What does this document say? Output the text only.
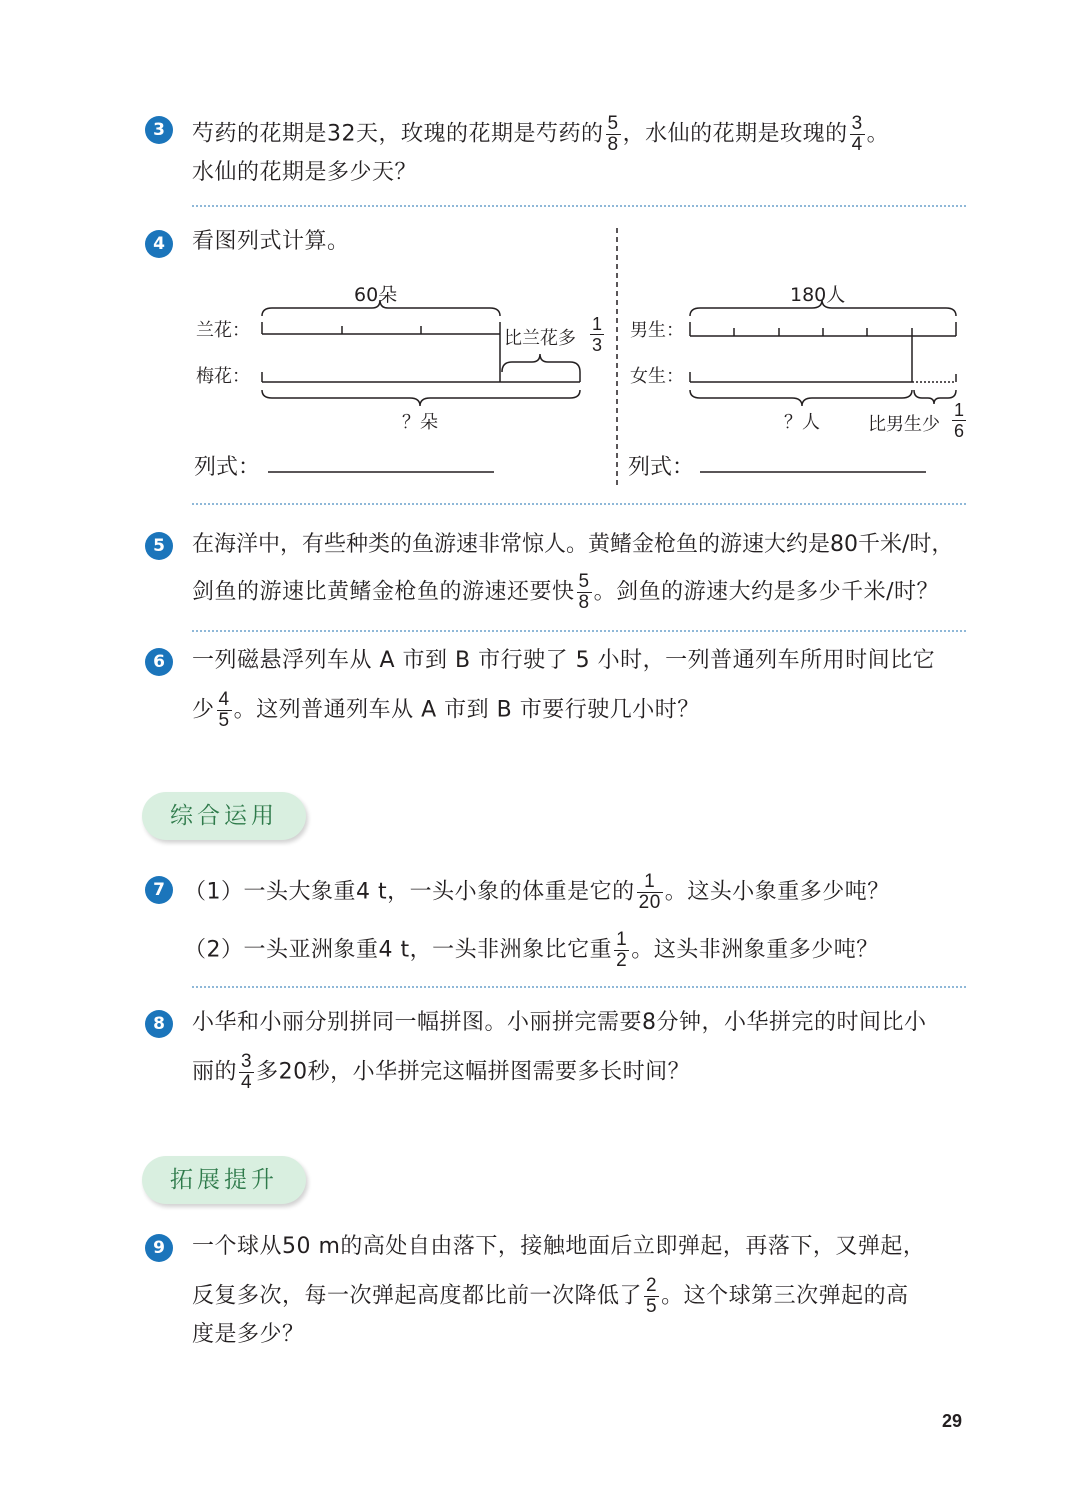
3	芍药的花期是32天，玫瑰的花期是芍药的 $\frac{5}{8}$ ，水仙的花期是玫瑰的 $\frac{3}{4}$ 。
水仙的花期是多少天？
4	看图列式计算。
60朵
兰花：
梅花：
比兰花多 $\frac{1}{3}$
？朵
列式：
180人
男生：
女生：
？人	比男生少 $\frac{1}{6}$
列式：
5	在海洋中，有些种类的鱼游速非常惊人。黄鳍金枪鱼的游速大约是80千米/时，
剑鱼的游速比黄鳍金枪鱼的游速还要快 $\frac{5}{8}$ 。剑鱼的游速大约是多少千米/时？
6	一列磁悬浮列车从 A 市到 B 市行驶了 5 小时，一列普通列车所用时间比它
少 $\frac{4}{5}$ 。这列普通列车从 A 市到 B 市要行驶几小时？
综合运用
7 （1）一头大象重4 t，一头小象的体重是它的 $\frac{1}{20}$ 。这头小象重多少吨？
（2）一头亚洲象重4 t，一头非洲象比它重 $\frac{1}{2}$ 。这头非洲象重多少吨？
8	小华和小丽分别拼同一幅拼图。小丽拼完需要8分钟，小华拼完的时间比小
丽的 $\frac{3}{4}$ 多20秒，小华拼完这幅拼图需要多长时间？
拓展提升
9	一个球从50 m的高处自由落下，接触地面后立即弹起，再落下，又弹起，
反复多次，每一次弹起高度都比前一次降低了 $\frac{2}{5}$ 。这个球第三次弹起的高
度是多少？
29
